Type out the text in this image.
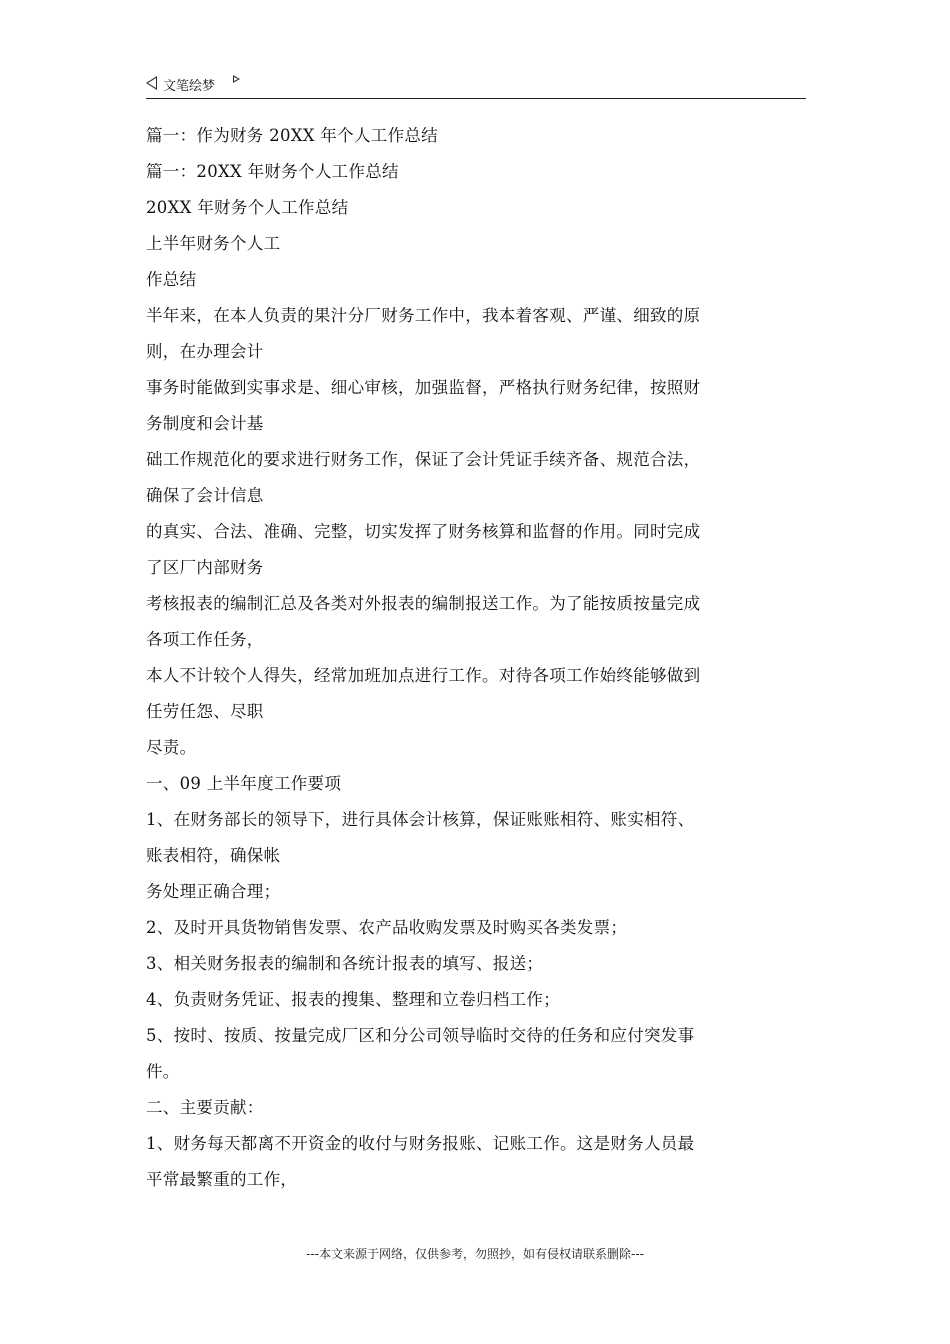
文笔绘梦

篇一：作为财务 20XX 年个人工作总结

篇一：20XX 年财务个人工作总结

20XX 年财务个人工作总结

上半年财务个人工

作总结

半年来，在本人负责的果汁分厂财务工作中，我本着客观、严谨、细致的原

则，在办理会计

事务时能做到实事求是、细心审核，加强监督，严格执行财务纪律，按照财

务制度和会计基

础工作规范化的要求进行财务工作，保证了会计凭证手续齐备、规范合法，

确保了会计信息

的真实、合法、准确、完整，切实发挥了财务核算和监督的作用。同时完成

了区厂内部财务

考核报表的编制汇总及各类对外报表的编制报送工作。为了能按质按量完成

各项工作任务，

本人不计较个人得失，经常加班加点进行工作。对待各项工作始终能够做到

任劳任怨、尽职

尽责。

一、09 上半年度工作要项

1、在财务部长的领导下，进行具体会计核算，保证账账相符、账实相符、

账表相符，确保帐

务处理正确合理；

2、及时开具货物销售发票、农产品收购发票及时购买各类发票；

3、相关财务报表的编制和各统计报表的填写、报送；

4、负责财务凭证、报表的搜集、整理和立卷归档工作；

5、按时、按质、按量完成厂区和分公司领导临时交待的任务和应付突发事

件。

二、主要贡献：

1、财务每天都离不开资金的收付与财务报账、记账工作。这是财务人员最

平常最繁重的工作，

---本文来源于网络，仅供参考，勿照抄，如有侵权请联系删除---
